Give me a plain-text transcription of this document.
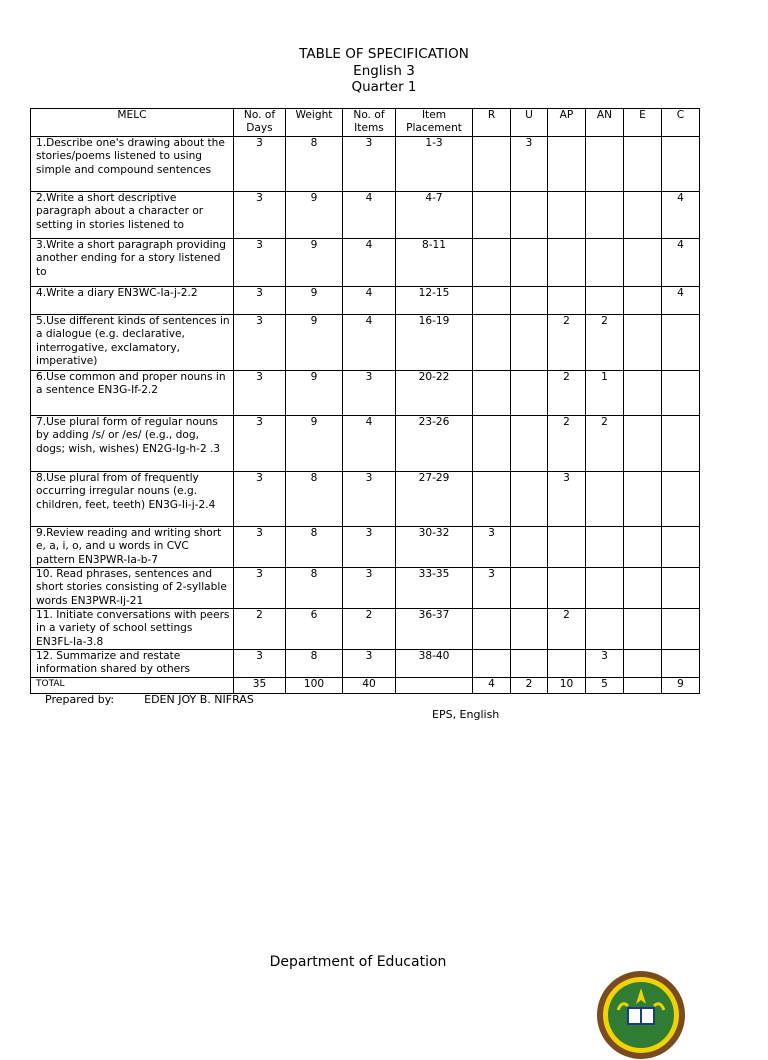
TABLE OF SPECIFICATION
English 3
Quarter 1
MELC	No. of Days	Weight	No. of Items	Item Placement	R	U	AP	AN	E	C
1.Describe one's drawing about the stories/poems listened to using simple and compound sentences	3	8	3	1-3		3				
2.Write a short descriptive paragraph about a character or setting in stories listened to	3	9	4	4-7						4
3.Write a short paragraph providing another ending for a story listened to	3	9	4	8-11						4
4.Write a diary EN3WC-Ia-j-2.2	3	9	4	12-15						4
5.Use different kinds of sentences in a dialogue (e.g. declarative, interrogative, exclamatory, imperative)	3	9	4	16-19			2	2		
6.Use common and proper nouns in a sentence EN3G-If-2.2	3	9	3	20-22			2	1		
7.Use plural form of regular nouns by adding /s/ or /es/ (e.g., dog, dogs; wish, wishes) EN2G-Ig-h-2 .3	3	9	4	23-26			2	2		
8.Use plural from of frequently occurring irregular nouns (e.g. children, feet, teeth) EN3G-Ii-j-2.4	3	8	3	27-29			3			
9.Review reading and writing short e, a, i, o, and u words in CVC pattern EN3PWR-Ia-b-7	3	8	3	30-32	3					
10. Read phrases, sentences and short stories consisting of 2-syllable words EN3PWR-Ij-21	3	8	3	33-35	3					
11. Initiate conversations with peers in a variety of school settings EN3FL-Ia-3.8	2	6	2	36-37			2			
12. Summarize and restate information shared by others	3	8	3	38-40				3		
TOTAL	35	100	40		4	2	10	5		9
Prepared by:	EDEN JOY B. NIFRAS
EPS, English
Department of Education
